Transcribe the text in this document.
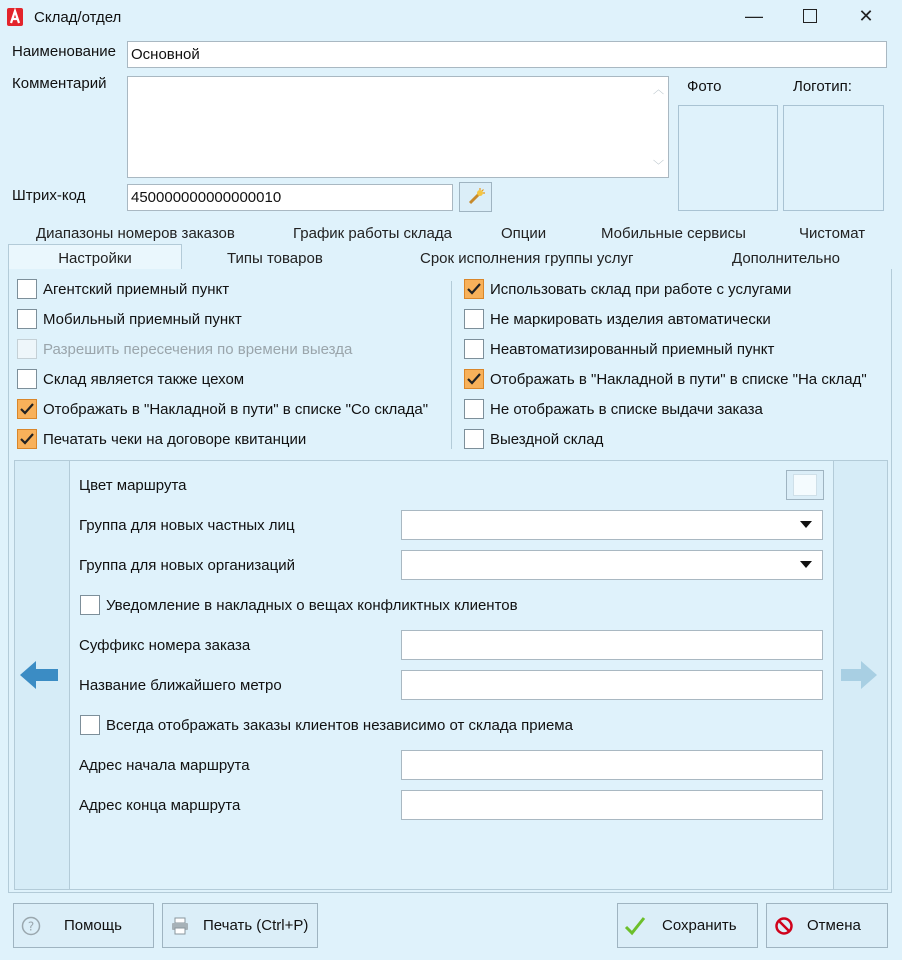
Склад/отдел	—	✕
Наименование Основной
Комментарий	︿
﹀
Фото	Логотип:
Штрих-код	450000000000000010
Диапазоны номеров заказов	График работы склада	Опции	Мобильные сервисы	Чистомат
Настройки	Типы товаров	Срок исполнения группы услуг	Дополнительно
Агентский приемный пункт
Мобильный приемный пункт
Разрешить пересечения по времени выезда
Склад является также цехом
Отображать в "Накладной в пути" в списке "Со склада"
Печатать чеки на договоре квитанции
Использовать склад при работе с услугами
Не маркировать изделия автоматически
Неавтоматизированный приемный пункт
Отображать в "Накладной в пути" в списке "На склад"
Не отображать в списке выдачи заказа
Выездной склад
Цвет маршрута
Группа для новых частных лиц
Группа для новых организаций
Уведомление в накладных о вещах конфликтных клиентов
Суффикс номера заказа
Название ближайшего метро
Всегда отображать заказы клиентов независимо от склада приема
Адрес начала маршрута
Адрес конца маршрута
? Помощь	Печать (Ctrl+P)	Сохранить	Отмена
